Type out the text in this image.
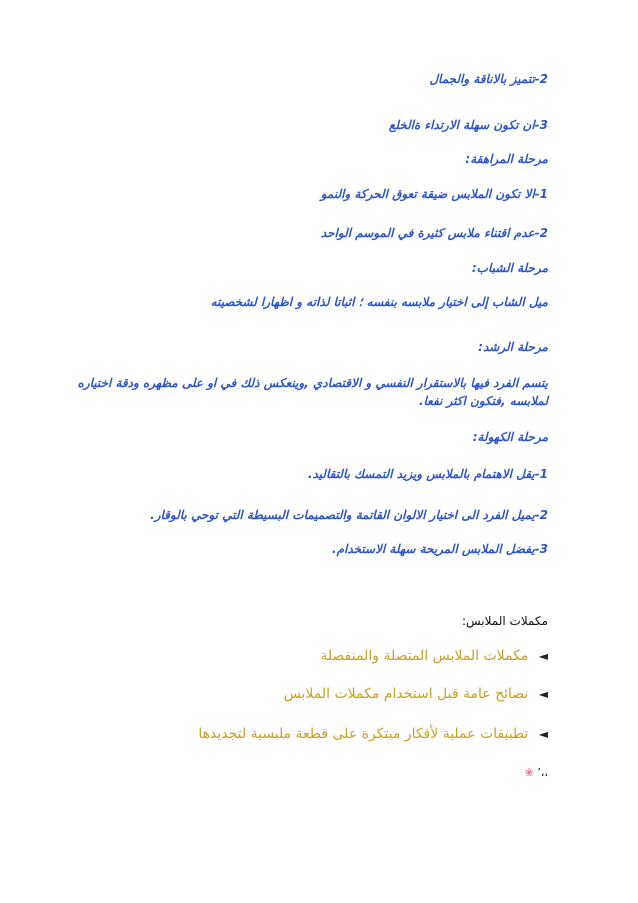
2-تتميز بالاناقة والجمال
3-ان تكون سهلة الارتداء ةالخلع
مرحلة المراهقة:
1-الا تكون الملابس ضيقة تعوق الحركة والنمو
2-عدم اقتناء ملابس كثيرة في الموسم الواحد
مرحلة الشباب:
ميل الشاب إلى اختيار ملابسه بنفسه ؛ اثباتا لذاته و اظهارا لشخصيته
مرحلة الرشد:
يتسم الفرد فيها بالاستقرار النفسي و الاقتصادي ,وينعكس ذلك في او على مظهره ودقة اختياره لملابسه ,فتكون اكثر نفعا.
مرحلة الكهولة:
1-يقل الاهتمام بالملابس ويزيد التمسك بالتقاليد.
2-يميل الفرد الى اختيار الالوان القاتمة والتصميمات البسيطة التي توحي بالوقار.
3-يفضل الملابس المريحة سهلة الاستخدام.
مكملات الملابس:
◄ مكملات الملابس المتصلة والمنفصلة
◄ نصائح عامة قبل استخدام مكملات الملابس
◄ تطبيقات عملية لأفكار مبتكرة على قطعة ملبسية لتجديدها
،،٬ ❀
